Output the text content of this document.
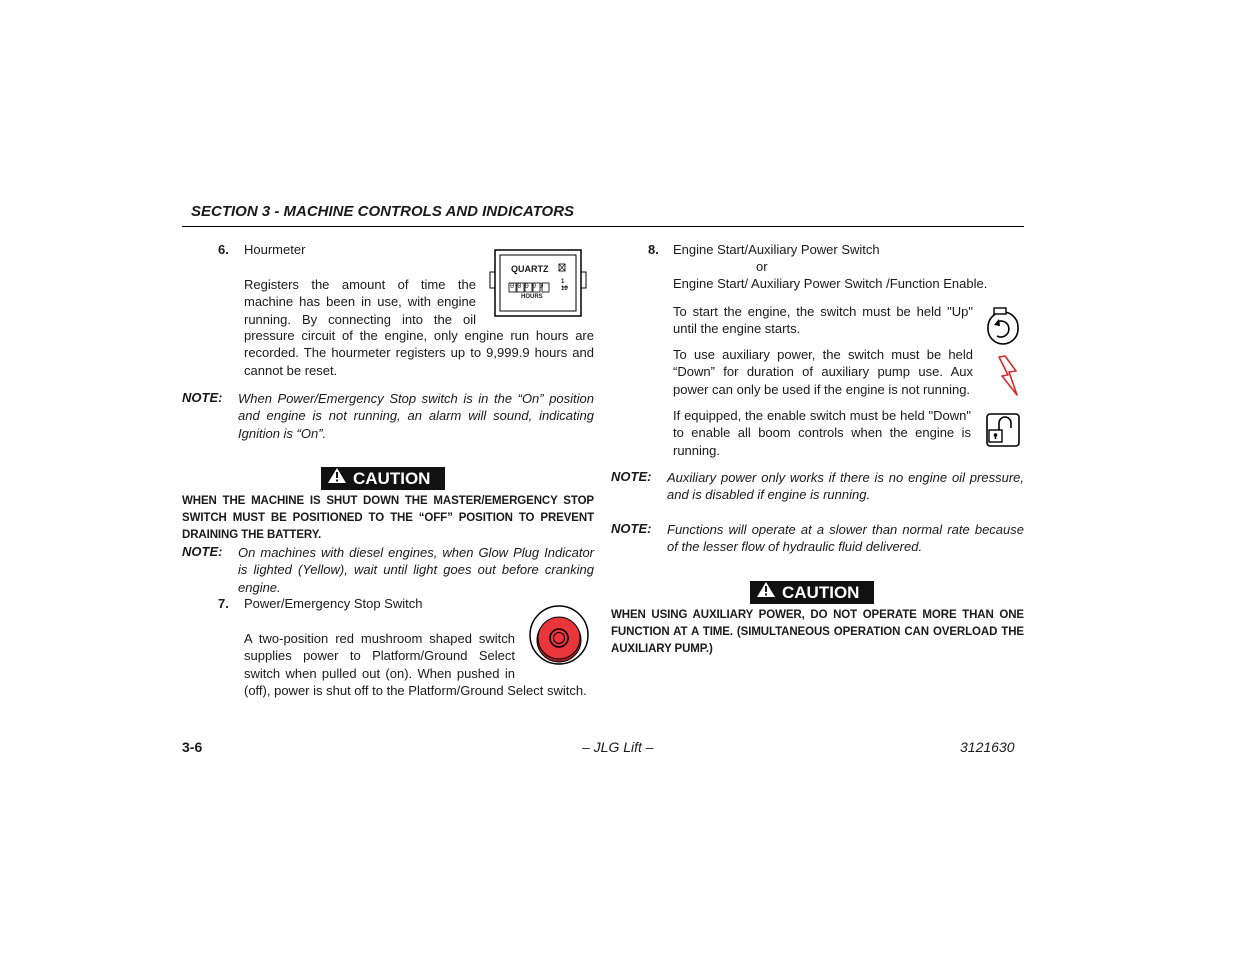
SECTION 3 - MACHINE CONTROLS AND INDICATORS
6. Hourmeter
Registers the amount of time the
machine has been in use, with engine
running. By connecting into the oil
pressure circuit of the engine, only engine run hours are recorded. The hourmeter registers up to 9,999.9 hours and cannot be reset.
QUARTZ
00000
HOURS
1
10
NOTE: When Power/Emergency Stop switch is in the “On” position and engine is not running, an alarm will sound, indicating Ignition is “On”.
CAUTION
WHEN THE MACHINE IS SHUT DOWN THE MASTER/EMERGENCY STOP SWITCH MUST BE POSITIONED TO THE “OFF” POSITION TO PREVENT DRAINING THE BATTERY.
NOTE: On machines with diesel engines, when Glow Plug Indicator is lighted (Yellow), wait until light goes out before cranking engine.
7. Power/Emergency Stop Switch
A two-position red mushroom shaped switch
supplies power to Platform/Ground Select
switch when pulled out (on). When pushed in
(off), power is shut off to the Platform/Ground Select switch.
8. Engine Start/Auxiliary Power Switch
or
Engine Start/ Auxiliary Power Switch /Function Enable.
To start the engine, the switch must be held "Up" until the engine starts.
To use auxiliary power, the switch must be held “Down” for duration of auxiliary pump use. Aux power can only be used if the engine is not running.
If equipped, the enable switch must be held "Down" to enable all boom controls when the engine is running.
NOTE: Auxiliary power only works if there is no engine oil pressure, and is disabled if engine is running.
NOTE: Functions will operate at a slower than normal rate because of the lesser flow of hydraulic fluid delivered.
CAUTION
WHEN USING AUXILIARY POWER, DO NOT OPERATE MORE THAN ONE FUNCTION AT A TIME. (SIMULTANEOUS OPERATION CAN OVERLOAD THE AUXILIARY PUMP.)
3-6	– JLG Lift –	3121630
